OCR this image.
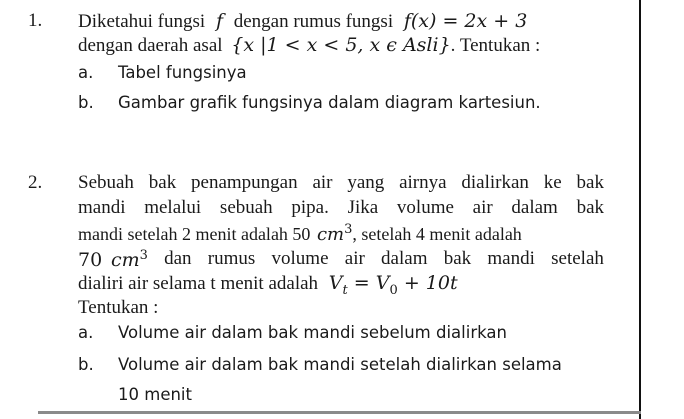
1. Diketahui fungsi f dengan rumus fungsi f(x) = 2x + 3
dengan daerah asal {x |1 < x < 5, x ϵ Asli}. Tentukan :
a. Tabel fungsinya
b. Gambar grafik fungsinya dalam diagram kartesiun.
2. Sebuah bak penampungan air yang airnya dialirkan ke bak
mandi melalui sebuah pipa. Jika volume air dalam bak
mandi setelah 2 menit adalah 50 $cm^3$, setelah 4 menit adalah
70 $cm^3$ dan rumus volume air dalam bak mandi setelah
dialiri air selama t menit adalah $V_t = V_0 + 10t$
Tentukan :
a. Volume air dalam bak mandi sebelum dialirkan
b. Volume air dalam bak mandi setelah dialirkan selama
10 menit
